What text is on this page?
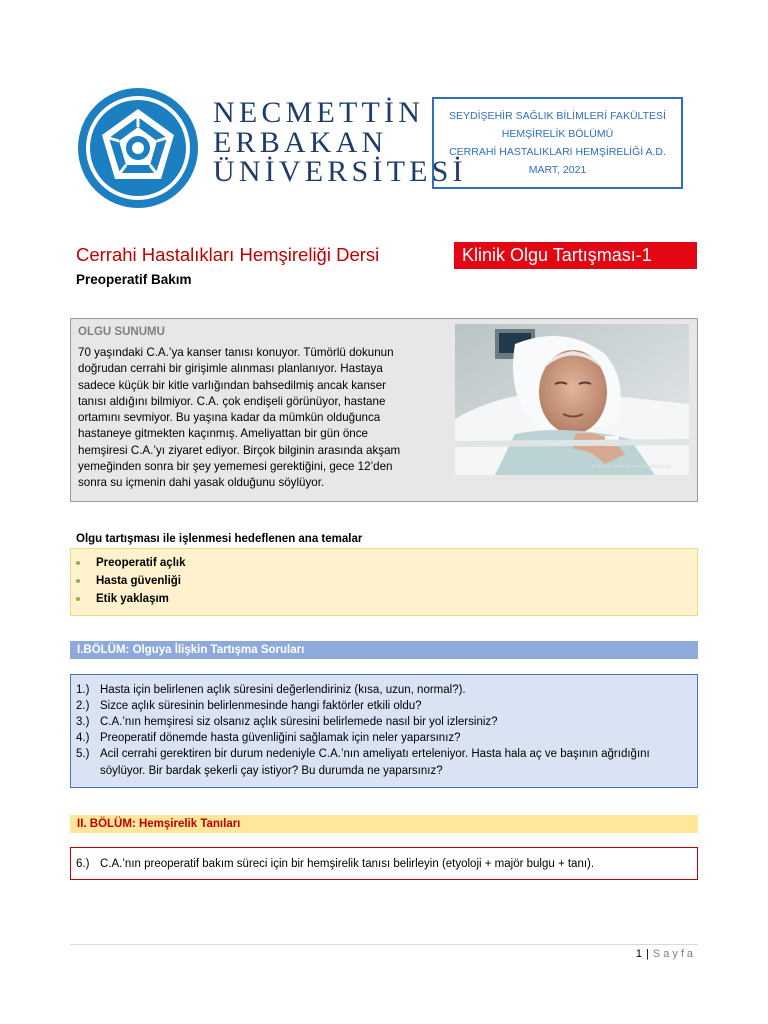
NECMETTİN
ERBAKAN
ÜNİVERSİTESİ
SEYDİŞEHİR SAĞLIK BİLİMLERİ FAKÜLTESİ
HEMŞİRELİK BÖLÜMÜ
CERRAHİ HASTALIKLARI HEMŞİRELİĞİ A.D.
MART, 2021
Cerrahi Hastalıkları Hemşireliği Dersi	Klinik Olgu Tartışması-1
Preoperatif Bakım
OLGU SUNUMU
70 yaşındaki C.A.’ya kanser tanısı konuyor. Tümörlü dokunun
doğrudan cerrahi bir girişimle alınması planlanıyor. Hastaya
sadece küçük bir kitle varlığından bahsedilmiş ancak kanser
tanısı aldığını bilmiyor. C.A. çok endişeli görünüyor, hastane
ortamını sevmiyor. Bu yaşına kadar da mümkün olduğunca
hastaneye gitmekten kaçınmış. Ameliyattan bir gün önce
hemşiresi C.A.’yı ziyaret ediyor. Birçok bilginin arasında akşam
yemeğinden sonra bir şey yememesi gerektiğini, gece 12’den
sonra su içmenin dahi yasak olduğunu söylüyor.
Fotoğraf: www.theconversation.com
Olgu tartışması ile işlenmesi hedeflenen ana temalar
Preoperatif açlık
Hasta güvenliği
Etik yaklaşım
I.BÖLÜM: Olguya İlişkin Tartışma Soruları
1.) Hasta için belirlenen açlık süresini değerlendiriniz (kısa, uzun, normal?).
2.) Sizce açlık süresinin belirlenmesinde hangi faktörler etkili oldu?
3.) C.A.’nın hemşiresi siz olsanız açlık süresini belirlemede nasıl bir yol izlersiniz?
4.) Preoperatif dönemde hasta güvenliğini sağlamak için neler yaparsınız?
5.) Acil cerrahi gerektiren bir durum nedeniyle C.A.’nın ameliyatı erteleniyor. Hasta hala aç ve başının ağrıdığını söylüyor. Bir bardak şekerli çay istiyor? Bu durumda ne yaparsınız?
II. BÖLÜM: Hemşirelik Tanıları
6.) C.A.’nın preoperatif bakım süreci için bir hemşirelik tanısı belirleyin (etyoloji + majör bulgu + tanı).
1 | Sayfa
